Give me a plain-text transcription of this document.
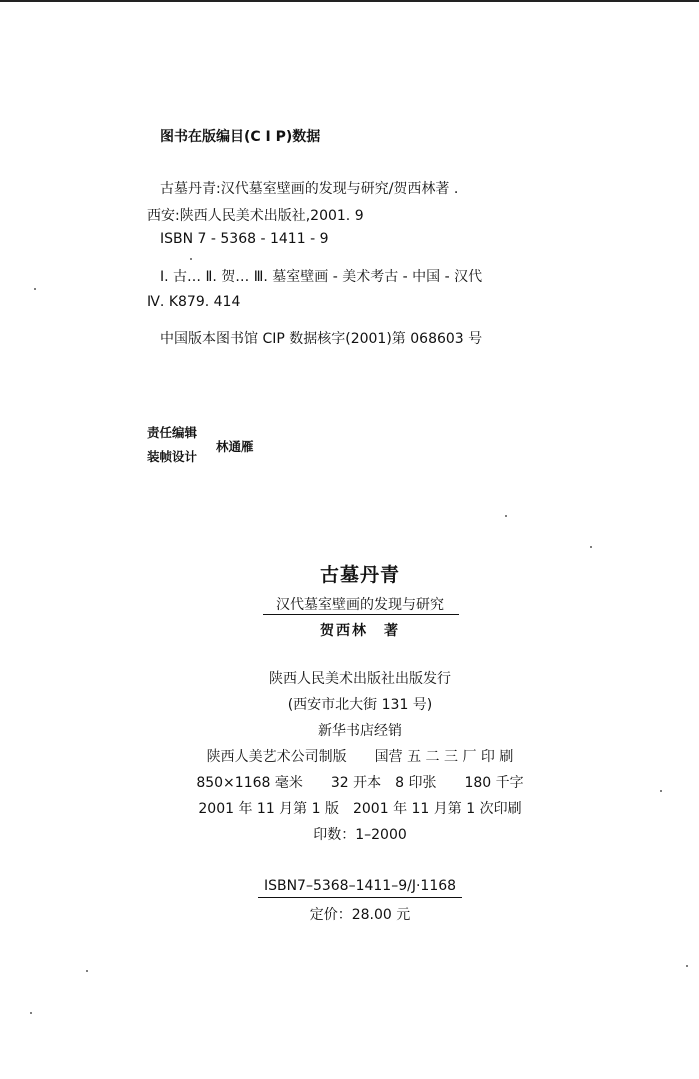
图书在版编目(C I P)数据
古墓丹青:汉代墓室壁画的发现与研究/贺西林著 .
西安:陕西人民美术出版社,2001. 9
ISBN 7 - 5368 - 1411 - 9
Ⅰ. 古… Ⅱ. 贺… Ⅲ. 墓室壁画 - 美术考古 - 中国 - 汉代
Ⅳ. K879. 414
中国版本图书馆 CIP 数据核字(2001)第 068603 号
责任编辑
装帧设计
林通雁
古墓丹青
汉代墓室壁画的发现与研究
贺西林　著
陕西人民美术出版社出版发行
(西安市北大街 131 号)
新华书店经销
陕西人美艺术公司制版　　国营 五 二 三 厂 印 刷
850×1168 毫米　　32 开本　8 印张　　180 千字
2001 年 11 月第 1 版　2001 年 11 月第 1 次印刷
印数：1–2000
ISBN7–5368–1411–9/J·1168
定价：28.00 元
